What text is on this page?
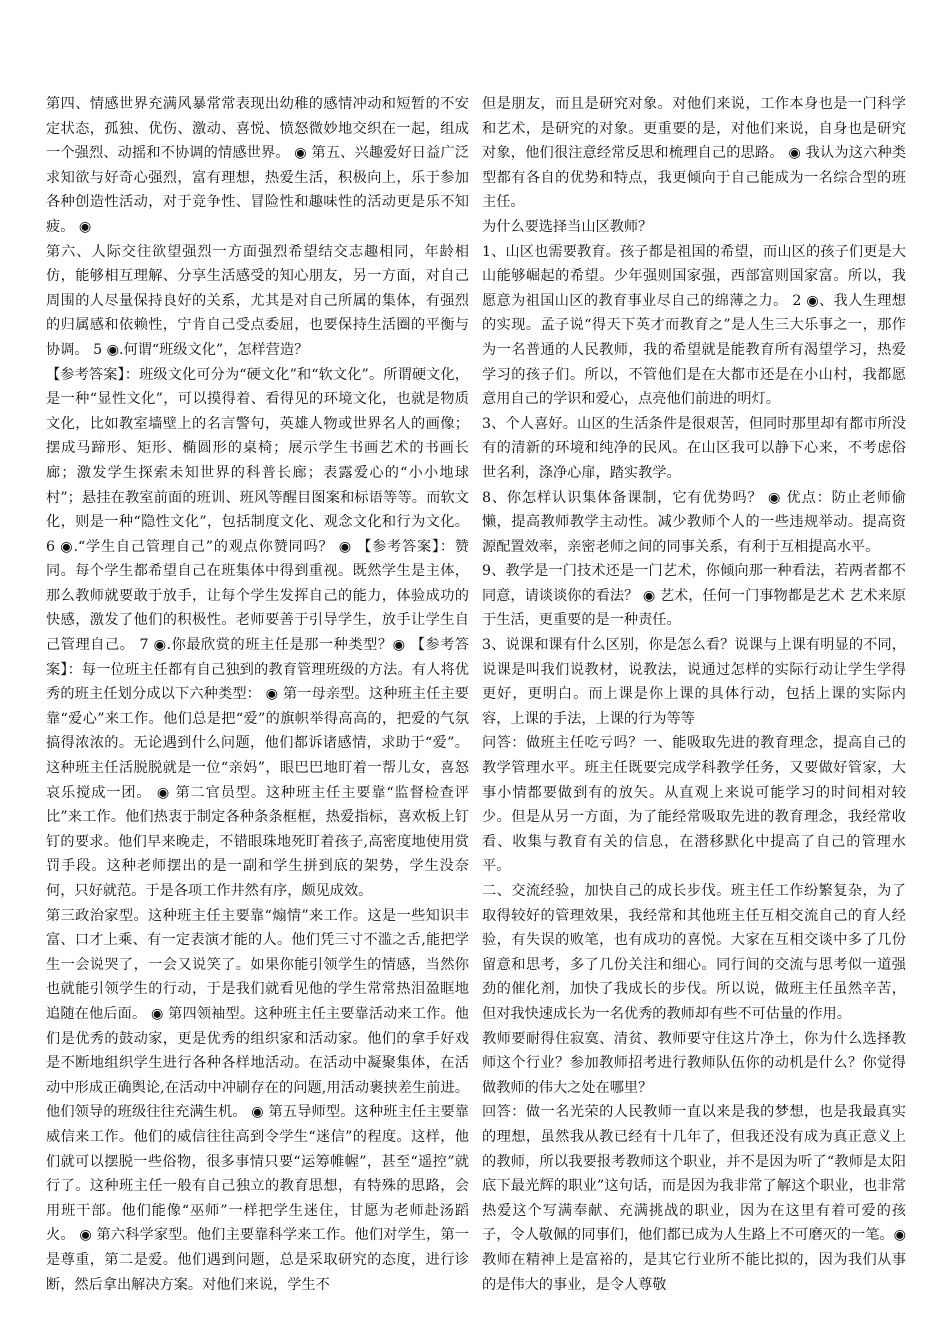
第四、情感世界充满风暴常常表现出幼稚的感情冲动和短暂的不安定状态，孤独、优伤、激动、喜悦、愤怒微妙地交织在一起，组成一个强烈、动摇和不协调的情感世界。 ◉ 第五、兴趣爱好日益广泛求知欲与好奇心强烈，富有理想，热爱生活，积极向上，乐于参加各种创造性活动，对于竞争性、冒险性和趣味性的活动更是乐不知疲。 ◉

第六、人际交往欲望强烈一方面强烈希望结交志趣相同，年龄相仿，能够相互理解、分享生活感受的知心朋友，另一方面，对自己周围的人尽量保持良好的关系，尤其是对自己所属的集体，有强烈的归属感和依赖性，宁肯自己受点委屈，也要保持生活圈的平衡与协调。 5 ◉.何谓“班级文化”，怎样营造？

【参考答案】：班级文化可分为“硬文化”和“软文化”。所谓硬文化，是一种“显性文化”，可以摸得着、看得见的环境文化，也就是物质文化，比如教室墙壁上的名言警句，英雄人物或世界名人的画像；摆成马蹄形、矩形、椭圆形的桌椅；展示学生书画艺术的书画长廊；激发学生探索未知世界的科普长廊；表露爱心的“小小地球村”；悬挂在教室前面的班训、班风等醒目图案和标语等等。而软文化，则是一种“隐性文化”，包括制度文化、观念文化和行为文化。 6 ◉.“学生自己管理自己”的观点你赞同吗？ ◉ 【参考答案】：赞同。每个学生都希望自己在班集体中得到重视。既然学生是主体，那么教师就要敢于放手，让每个学生发挥自己的能力，体验成功的快感，激发了他们的积极性。老师要善于引导学生，放手让学生自己管理自己。 7 ◉.你最欣赏的班主任是那一种类型？◉ 【参考答案】：每一位班主任都有自己独到的教育管理班级的方法。有人将优秀的班主任划分成以下六种类型： ◉ 第一母亲型。这种班主任主要靠“爱心”来工作。他们总是把“爱”的旗帜举得高高的，把爱的气氛搞得浓浓的。无论遇到什么问题，他们都诉诸感情，求助于“爱”。这种班主任活脱脱就是一位“亲妈”，眼巴巴地盯着一帮儿女，喜怒哀乐搅成一团。 ◉ 第二官员型。这种班主任主要靠“监督检查评比”来工作。他们热衷于制定各种条条框框，热爱指标，喜欢板上钉钉的要求。他们早来晚走，不错眼珠地死盯着孩子,高密度地使用赏罚手段。这种老师摆出的是一副和学生拼到底的架势，学生没奈何，只好就范。于是各项工作井然有序，颇见成效。

第三政治家型。这种班主任主要靠“煽情”来工作。这是一些知识丰富、口才上乘、有一定表演才能的人。他们凭三寸不滥之舌,能把学生一会说哭了，一会又说笑了。如果你能引领学生的情感，当然你也就能引领学生的行动，于是我们就看见他的学生常常热泪盈眶地追随在他后面。 ◉ 第四领袖型。这种班主任主要靠活动来工作。他们是优秀的鼓动家，更是优秀的组织家和活动家。他们的拿手好戏是不断地组织学生进行各种各样地活动。在活动中凝聚集体，在活动中形成正确舆论,在活动中冲刷存在的问题,用活动裹挟差生前进。他们领导的班级往往充满生机。 ◉ 第五导师型。这种班主任主要靠威信来工作。他们的威信往往高到令学生“迷信”的程度。这样，他们就可以摆脱一些俗物，很多事情只要“运筹帷幄”，甚至“遥控”就行了。这种班主任一般有自己独立的教育思想，有特殊的思路，会用班干部。他们能像“巫师”一样把学生迷住，甘愿为老师赴汤蹈火。 ◉ 第六科学家型。他们主要靠科学来工作。他们对学生，第一是尊重，第二是爱。他们遇到问题，总是采取研究的态度，进行诊断，然后拿出解决方案。对他们来说，学生不

但是朋友，而且是研究对象。对他们来说，工作本身也是一门科学和艺术，是研究的对象。更重要的是，对他们来说，自身也是研究对象，他们很注意经常反思和梳理自己的思路。 ◉ 我认为这六种类型都有各自的优势和特点，我更倾向于自己能成为一名综合型的班主任。

为什么要选择当山区教师？

1、山区也需要教育。孩子都是祖国的希望，而山区的孩子们更是大山能够崛起的希望。少年强则国家强，西部富则国家富。所以，我愿意为祖国山区的教育事业尽自己的绵薄之力。 2 ◉、我人生理想的实现。孟子说“得天下英才而教育之”是人生三大乐事之一，那作为一名普通的人民教师，我的希望就是能教育所有渴望学习，热爱学习的孩子们。所以，不管他们是在大都市还是在小山村，我都愿意用自己的学识和爱心，点亮他们前进的明灯。

3、个人喜好。山区的生活条件是很艰苦，但同时那里却有都市所没有的清新的环境和纯净的民风。在山区我可以静下心来，不考虑俗世名利，涤净心扉，踏实教学。

8、你怎样认识集体备课制，它有优势吗？ ◉ 优点：防止老师偷懒，提高教师教学主动性。减少教师个人的一些违规举动。提高资源配置效率，亲密老师之间的同事关系，有利于互相提高水平。

9、教学是一门技术还是一门艺术，你倾向那一种看法，若两者都不同意，请谈谈你的看法？ ◉ 艺术，任何一门事物都是艺术 艺术来原于生活，更重要的是一种责任。

3、说课和课有什么区别，你是怎么看？说课与上课有明显的不同，说课是叫我们说教材，说教法，说通过怎样的实际行动让学生学得更好，更明白。而上课是你上课的具体行动，包括上课的实际内容，上课的手法，上课的行为等等

问答：做班主任吃亏吗？一、能吸取先进的教育理念，提高自己的教学管理水平。班主任既要完成学科教学任务，又要做好管家，大事小情都要做到有的放矢。从直观上来说可能学习的时间相对较少。但是从另一方面，为了能经常吸取先进的教育理念，我经常收看、收集与教育有关的信息，在潜移默化中提高了自己的管理水平。

二、交流经验，加快自己的成长步伐。班主任工作纷繁复杂，为了取得较好的管理效果，我经常和其他班主任互相交流自己的育人经验，有失误的败笔，也有成功的喜悦。大家在互相交谈中多了几份留意和思考，多了几份关注和细心。同行间的交流与思考似一道强劲的催化剂，加快了我成长的步伐。所以说，做班主任虽然辛苦，但对我快速成长为一名优秀的教师却有些不可估量的作用。

教师要耐得住寂寞、清贫、教师要守住这片净土，你为什么选择教师这个行业？参加教师招考进行教师队伍你的动机是什么？你觉得做教师的伟大之处在哪里？

回答：做一名光荣的人民教师一直以来是我的梦想，也是我最真实的理想，虽然我从教已经有十几年了，但我还没有成为真正意义上的教师，所以我要报考教师这个职业，并不是因为听了“教师是太阳底下最光辉的职业”这句话，而是因为我非常了解这个职业，也非常热爱这个写满奉献、充满挑战的职业，因为在这里有着可爱的孩子，令人敬佩的同事们，他们都已成为人生路上不可磨灭的一笔。◉ 教师在精神上是富裕的，是其它行业所不能比拟的，因为我们从事的是伟大的事业，是令人尊敬
